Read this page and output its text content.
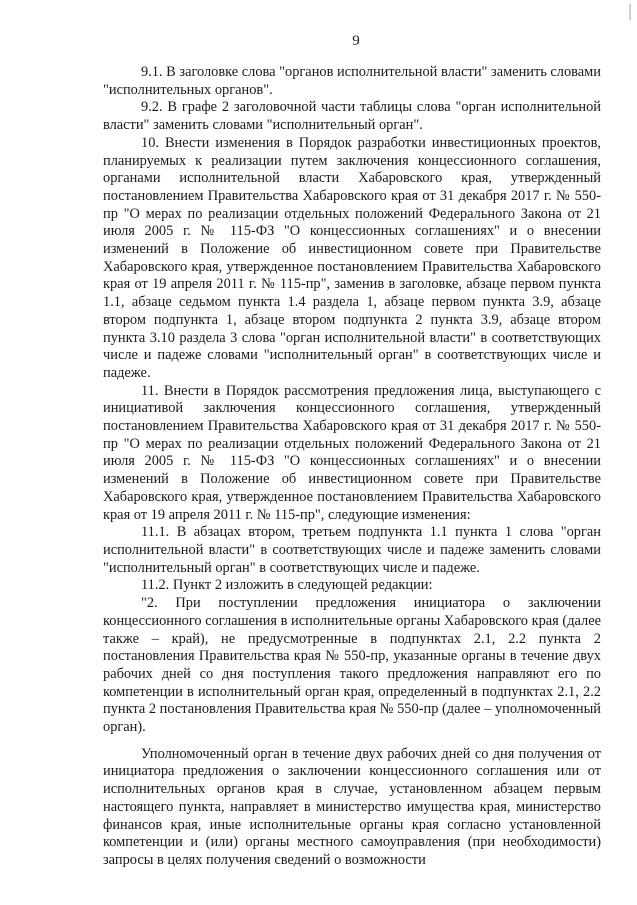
9

9.1. В заголовке слова "органов исполнительной власти" заменить словами "исполнительных органов".

9.2. В графе 2 заголовочной части таблицы слова "орган исполнительной власти" заменить словами "исполнительный орган".

10. Внести изменения в Порядок разработки инвестиционных проектов, планируемых к реализации путем заключения концессионного соглашения, органами исполнительной власти Хабаровского края, утвержденный постановлением Правительства Хабаровского края от 31 декабря 2017 г. № 550-пр "О мерах по реализации отдельных положений Федерального Закона от 21 июля 2005 г. № 115-ФЗ "О концессионных соглашениях" и о внесении изменений в Положение об инвестиционном совете при Правительстве Хабаровского края, утвержденное постановлением Правительства Хабаровского края от 19 апреля 2011 г. № 115-пр", заменив в заголовке, абзаце первом пункта 1.1, абзаце седьмом пункта 1.4 раздела 1, абзаце первом пункта 3.9, абзаце втором подпункта 1, абзаце втором подпункта 2 пункта 3.9, абзаце втором пункта 3.10 раздела 3 слова "орган исполнительной власти" в соответствующих числе и падеже словами "исполнительный орган" в соответствующих числе и падеже.

11. Внести в Порядок рассмотрения предложения лица, выступающего с инициативой заключения концессионного соглашения, утвержденный постановлением Правительства Хабаровского края от 31 декабря 2017 г. № 550-пр "О мерах по реализации отдельных положений Федерального Закона от 21 июля 2005 г. № 115-ФЗ "О концессионных соглашениях" и о внесении изменений в Положение об инвестиционном совете при Правительстве Хабаровского края, утвержденное постановлением Правительства Хабаровского края от 19 апреля 2011 г. № 115-пр", следующие изменения:

11.1. В абзацах втором, третьем подпункта 1.1 пункта 1 слова "орган исполнительной власти" в соответствующих числе и падеже заменить словами "исполнительный орган" в соответствующих числе и падеже.

11.2. Пункт 2 изложить в следующей редакции:

"2. При поступлении предложения инициатора о заключении концессионного соглашения в исполнительные органы Хабаровского края (далее также – край), не предусмотренные в подпунктах 2.1, 2.2 пункта 2 постановления Правительства края № 550-пр, указанные органы в течение двух рабочих дней со дня поступления такого предложения направляют его по компетенции в исполнительный орган края, определенный в подпунктах 2.1, 2.2 пункта 2 постановления Правительства края № 550-пр (далее – уполномоченный орган).

Уполномоченный орган в течение двух рабочих дней со дня получения от инициатора предложения о заключении концессионного соглашения или от исполнительных органов края в случае, установленном абзацем первым настоящего пункта, направляет в министерство имущества края, министерство финансов края, иные исполнительные органы края согласно установленной компетенции и (или) органы местного самоуправления (при необходимости) запросы в целях получения сведений о возможности
